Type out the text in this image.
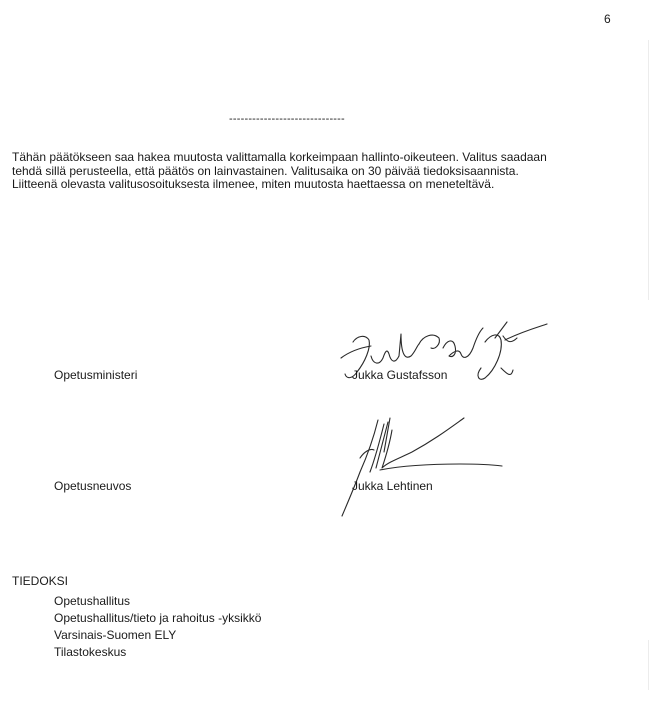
6
------------------------------
Tähän päätökseen saa hakea muutosta valittamalla korkeimpaan hallinto-oikeuteen. Valitus saadaan
tehdä sillä perusteella, että päätös on lainvastainen. Valitusaika on 30 päivää tiedoksisaannista.
Liitteenä olevasta valitusosoituksesta ilmenee, miten muutosta haettaessa on meneteltävä.
Opetusministeri	Jukka Gustafsson
Opetusneuvos	Jukka Lehtinen
TIEDOKSI
Opetushallitus
Opetushallitus/tieto ja rahoitus -yksikkö
Varsinais-Suomen ELY
Tilastokeskus
